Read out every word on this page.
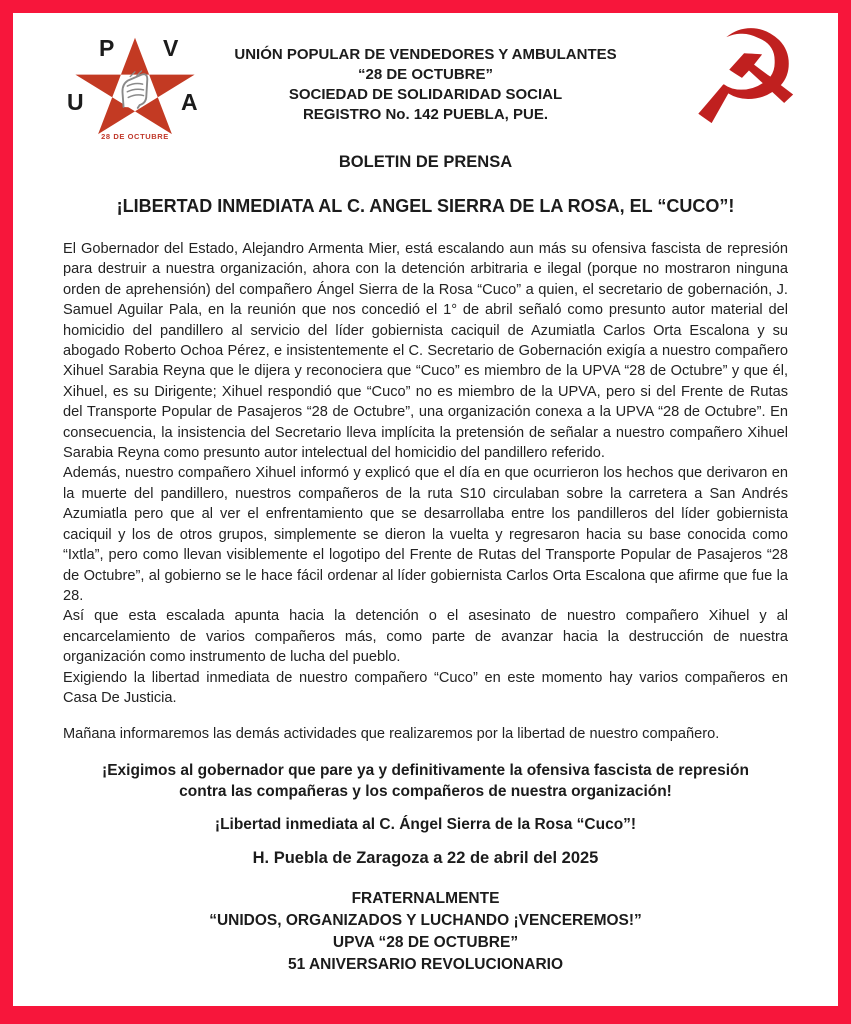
P V
U	A
28 DE OCTUBRE
UNIÓN POPULAR DE VENDEDORES Y AMBULANTES
“28 DE OCTUBRE”
SOCIEDAD DE SOLIDARIDAD SOCIAL
REGISTRO No. 142 PUEBLA, PUE.	☭
BOLETIN DE PRENSA
¡LIBERTAD INMEDIATA AL C. ANGEL SIERRA DE LA ROSA, EL “CUCO”!

El Gobernador del Estado, Alejandro Armenta Mier, está escalando aun más su ofensiva fascista de represión para destruir a nuestra organización, ahora con la detención arbitraria e ilegal (porque no mostraron ninguna orden de aprehensión) del compañero Ángel Sierra de la Rosa “Cuco” a quien, el secretario de gobernación, J. Samuel Aguilar Pala, en la reunión que nos concedió el 1° de abril señaló como presunto autor material del homicidio del pandillero al servicio del líder gobiernista caciquil de Azumiatla Carlos Orta Escalona y su abogado Roberto Ochoa Pérez, e insistentemente el C. Secretario de Gobernación exigía a nuestro compañero Xihuel Sarabia Reyna que le dijera y reconociera que “Cuco” es miembro de la UPVA “28 de Octubre” y que él, Xihuel, es su Dirigente; Xihuel respondió que “Cuco” no es miembro de la UPVA, pero si del Frente de Rutas del Transporte Popular de Pasajeros “28 de Octubre”, una organización conexa a la UPVA “28 de Octubre”. En consecuencia, la insistencia del Secretario lleva implícita la pretensión de señalar a nuestro compañero Xihuel Sarabia Reyna como presunto autor intelectual del homicidio del pandillero referido.

Además, nuestro compañero Xihuel informó y explicó que el día en que ocurrieron los hechos que derivaron en la muerte del pandillero, nuestros compañeros de la ruta S10 circulaban sobre la carretera a San Andrés Azumiatla pero que al ver el enfrentamiento que se desarrollaba entre los pandilleros del líder gobiernista caciquil y los de otros grupos, simplemente se dieron la vuelta y regresaron hacia su base conocida como “Ixtla”, pero como llevan visiblemente el logotipo del Frente de Rutas del Transporte Popular de Pasajeros “28 de Octubre”, al gobierno se le hace fácil ordenar al líder gobiernista Carlos Orta Escalona que afirme que fue la 28.

Así que esta escalada apunta hacia la detención o el asesinato de nuestro compañero Xihuel y al encarcelamiento de varios compañeros más, como parte de avanzar hacia la destrucción de nuestra organización como instrumento de lucha del pueblo.

Exigiendo la libertad inmediata de nuestro compañero “Cuco” en este momento hay varios compañeros en Casa De Justicia.

Mañana informaremos las demás actividades que realizaremos por la libertad de nuestro compañero.

¡Exigimos al gobernador que pare ya y definitivamente la ofensiva fascista de represión contra las compañeras y los compañeros de nuestra organización!
¡Libertad inmediata al C. Ángel Sierra de la Rosa “Cuco”!
H. Puebla de Zaragoza a 22 de abril del 2025
FRATERNALMENTE
“UNIDOS, ORGANIZADOS Y LUCHANDO ¡VENCEREMOS!”
UPVA “28 DE OCTUBRE”
51 ANIVERSARIO REVOLUCIONARIO
